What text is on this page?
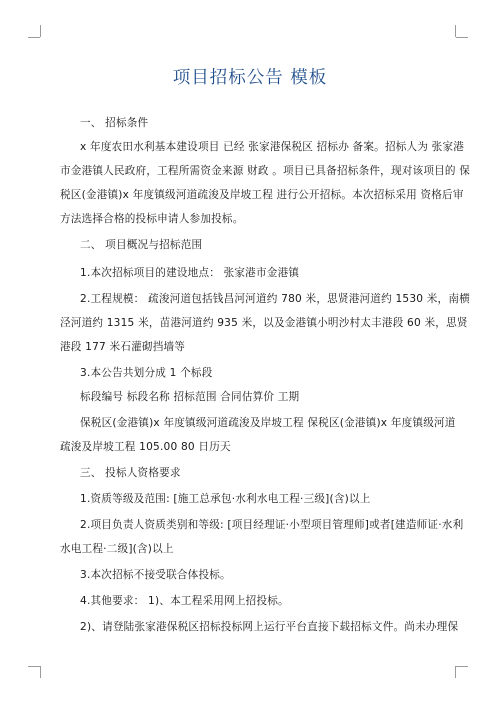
项目招标公告 模板
一、 招标条件
x 年度农田水利基本建设项目 已经 张家港保税区 招标办 备案。招标人为 张家港
市金港镇人民政府，工程所需资金来源 财政 。项目已具备招标条件，现对该项目的 保
税区(金港镇)x 年度镇级河道疏浚及岸坡工程 进行公开招标。本次招标采用 资格后审
方法选择合格的投标申请人参加投标。
二、 项目概况与招标范围
1.本次招标项目的建设地点： 张家港市金港镇
2.工程规模： 疏浚河道包括钱昌河河道约 780 米，思贤港河道约 1530 米，南横
泾河道约 1315 米，苗港河道约 935 米，以及金港镇小明沙村太丰港段 60 米，思贤
港段 177 米石灌砌挡墙等
3.本公告共划分成 1 个标段
标段编号 标段名称 招标范围 合同估算价 工期
保税区(金港镇)x 年度镇级河道疏浚及岸坡工程 保税区(金港镇)x 年度镇级河道
疏浚及岸坡工程 105.00 80 日历天
三、 投标人资格要求
1.资质等级及范围: [施工总承包·水利水电工程·三级](含)以上
2.项目负责人资质类别和等级: [项目经理证·小型项目管理师]或者[建造师证·水利
水电工程·二级](含)以上
3.本次招标不接受联合体投标。
4.其他要求： 1)、本工程采用网上招投标。
2)、请登陆张家港保税区招标投标网上运行平台直接下载招标文件。尚未办理保
